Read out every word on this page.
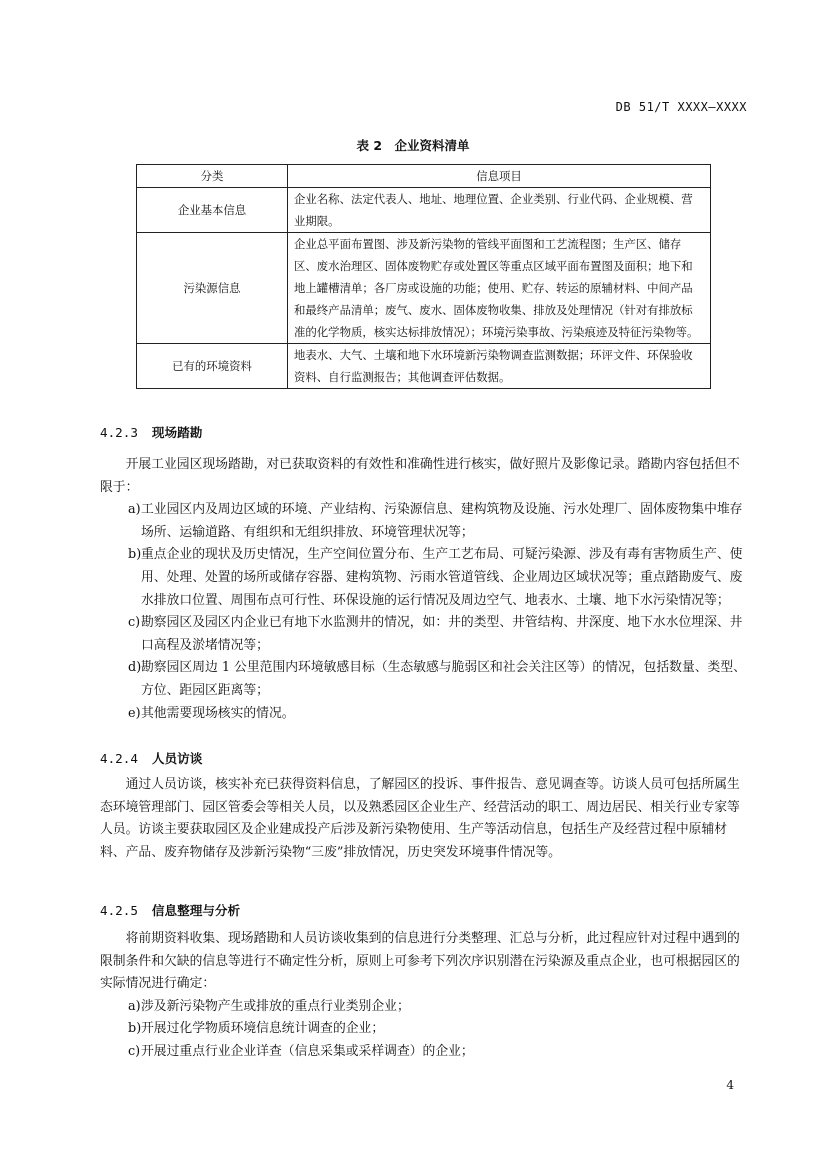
DB 51/T XXXX—XXXX
表 2　企业资料清单
分类	信息项目
企业基本信息	企业名称、法定代表人、地址、地理位置、企业类别、行业代码、企业规模、营业期限。
污染源信息	企业总平面布置图、涉及新污染物的管线平面图和工艺流程图；生产区、储存区、废水治理区、固体废物贮存或处置区等重点区域平面布置图及面积；地下和地上罐槽清单；各厂房或设施的功能；使用、贮存、转运的原辅材料、中间产品和最终产品清单；废气、废水、固体废物收集、排放及处理情况（针对有排放标准的化学物质，核实达标排放情况）；环境污染事故、污染痕迹及特征污染物等。
已有的环境资料	地表水、大气、土壤和地下水环境新污染物调查监测数据；环评文件、环保验收资料、自行监测报告；其他调查评估数据。
4.2.3 现场踏勘

开展工业园区现场踏勘，对已获取资料的有效性和准确性进行核实，做好照片及影像记录。踏勘内容包括但不限于：

a) 工业园区内及周边区域的环境、产业结构、污染源信息、建构筑物及设施、污水处理厂、固体废物集中堆存场所、运输道路、有组织和无组织排放、环境管理状况等；
b) 重点企业的现状及历史情况，生产空间位置分布、生产工艺布局、可疑污染源、涉及有毒有害物质生产、使用、处理、处置的场所或储存容器、建构筑物、污雨水管道管线、企业周边区域状况等；重点踏勘废气、废水排放口位置、周围布点可行性、环保设施的运行情况及周边空气、地表水、土壤、地下水污染情况等；
c) 勘察园区及园区内企业已有地下水监测井的情况，如：井的类型、井管结构、井深度、地下水水位埋深、井口高程及淤堵情况等；
d) 勘察园区周边 1 公里范围内环境敏感目标（生态敏感与脆弱区和社会关注区等）的情况，包括数量、类型、方位、距园区距离等；
e) 其他需要现场核实的情况。
4.2.4 人员访谈

通过人员访谈，核实补充已获得资料信息，了解园区的投诉、事件报告、意见调查等。访谈人员可包括所属生态环境管理部门、园区管委会等相关人员，以及熟悉园区企业生产、经营活动的职工、周边居民、相关行业专家等人员。访谈主要获取园区及企业建成投产后涉及新污染物使用、生产等活动信息，包括生产及经营过程中原辅材料、产品、废弃物储存及涉新污染物“三废”排放情况，历史突发环境事件情况等。

4.2.5 信息整理与分析

将前期资料收集、现场踏勘和人员访谈收集到的信息进行分类整理、汇总与分析，此过程应针对过程中遇到的限制条件和欠缺的信息等进行不确定性分析，原则上可参考下列次序识别潜在污染源及重点企业，也可根据园区的实际情况进行确定：

a) 涉及新污染物产生或排放的重点行业类别企业；
b) 开展过化学物质环境信息统计调查的企业；
c) 开展过重点行业企业详查（信息采集或采样调查）的企业；
4
